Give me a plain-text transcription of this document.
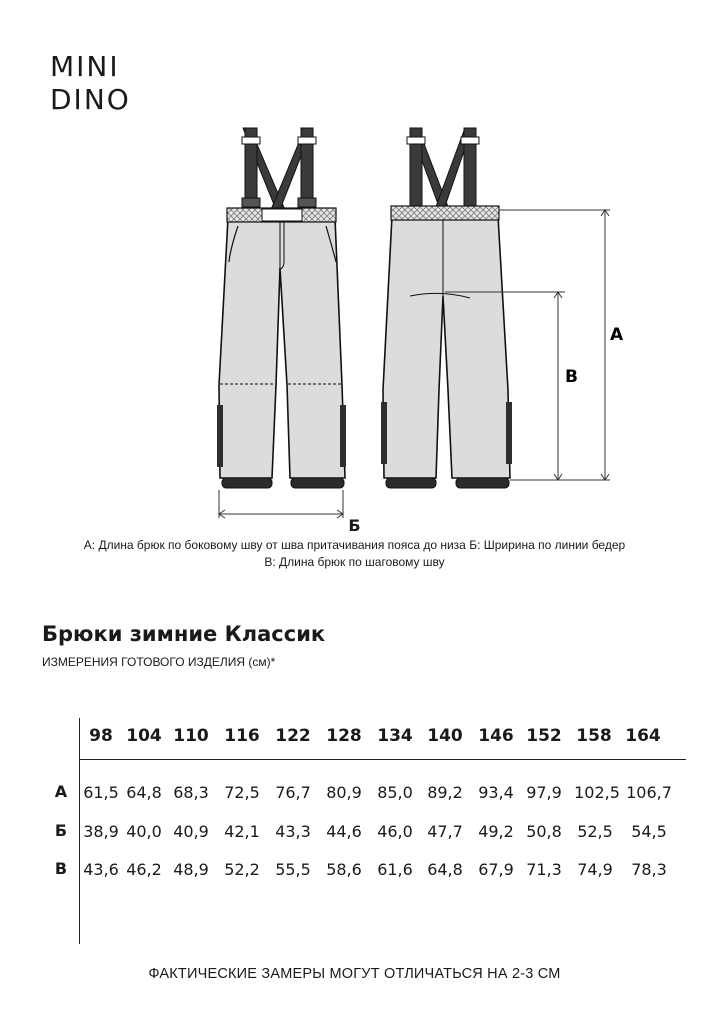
MINI
DINO
А
В
Б
А: Длина брюк по боковому шву от шва притачивания пояса до низа Б: Шририна по линии бедер
В: Длина брюк по шаговому шву
Брюки зимние Классик
ИЗМЕРЕНИЯ ГОТОВОГО ИЗДЕЛИЯ (см)*
98 104 110 116 122 128 134 140 146 152 158 164
А	61,5 64,8 68,3 72,5 76,7 80,9 85,0 89,2 93,4 97,9 102,5 106,7
Б	38,9 40,0 40,9 42,1 43,3 44,6 46,0 47,7 49,2 50,8 52,5	54,5
В	43,6 46,2 48,9 52,2 55,5 58,6 61,6 64,8 67,9 71,3 74,9	78,3
ФАКТИЧЕСКИЕ ЗАМЕРЫ МОГУТ ОТЛИЧАТЬСЯ НА 2-3 СМ
